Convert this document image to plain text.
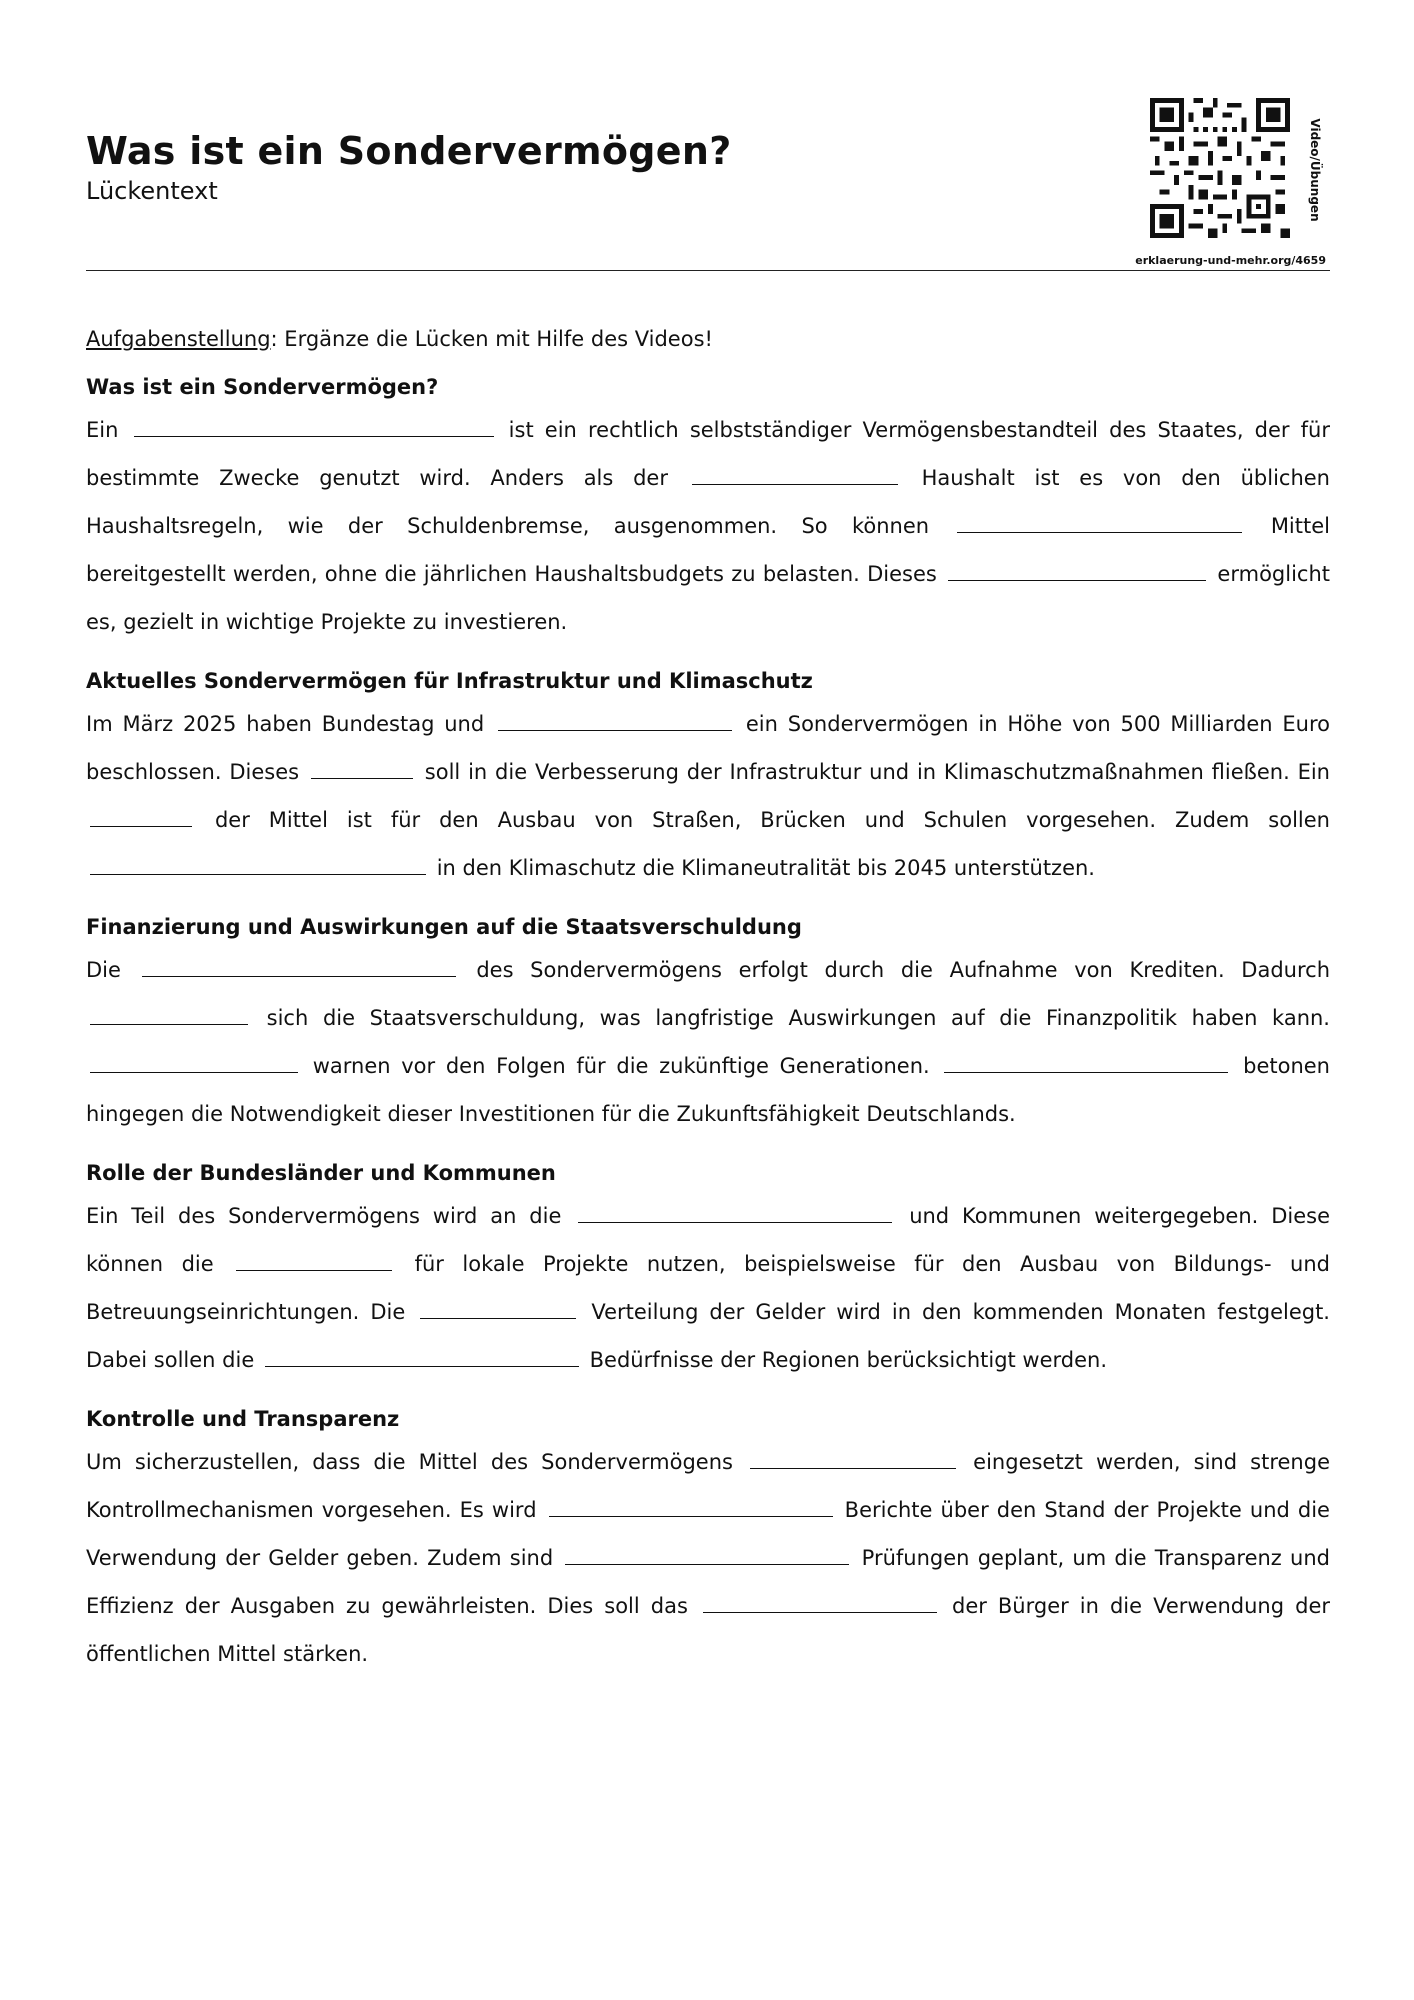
Was ist ein Sondervermögen?
Lückentext	Video/Übungen
erklaerung-und-mehr.org/4659
Aufgabenstellung: Ergänze die Lücken mit Hilfe des Videos!
Was ist ein Sondervermögen?

Ein	ist ein rechtlich selbstständiger Vermögensbestandteil des Staates, der für bestimmte Zwecke genutzt wird. Anders als der	Haushalt ist es von den üblichen Haushaltsregeln, wie der Schuldenbremse, ausgenommen. So können	Mittel bereitgestellt werden, ohne die jährlichen Haushaltsbudgets zu belasten. Dieses	ermöglicht es, gezielt in wichtige Projekte zu investieren.

Aktuelles Sondervermögen für Infrastruktur und Klimaschutz

Im März 2025 haben Bundestag und	ein Sondervermögen in Höhe von 500 Milliarden Euro beschlossen. Dieses	soll in die Verbesserung der Infrastruktur und in Klimaschutzmaßnahmen fließen. Ein  der Mittel ist für den Ausbau von Straßen, Brücken und Schulen vorgesehen. Zudem sollen  in den Klimaschutz die Klimaneutralität bis 2045 unterstützen.

Finanzierung und Auswirkungen auf die Staatsverschuldung

Die	des Sondervermögens erfolgt durch die Aufnahme von Krediten. Dadurch  sich die Staatsverschuldung, was langfristige Auswirkungen auf die Finanzpolitik haben kann.  warnen vor den Folgen für die zukünftige Generationen.	betonen hingegen die Notwendigkeit dieser Investitionen für die Zukunftsfähigkeit Deutschlands.

Rolle der Bundesländer und Kommunen

Ein Teil des Sondervermögens wird an die	und Kommunen weitergegeben. Diese können die	für lokale Projekte nutzen, beispielsweise für den Ausbau von Bildungs- und Betreuungseinrichtungen. Die	Verteilung der Gelder wird in den kommenden Monaten festgelegt. Dabei sollen die	Bedürfnisse der Regionen berücksichtigt werden.

Kontrolle und Transparenz

Um sicherzustellen, dass die Mittel des Sondervermögens	eingesetzt werden, sind strenge Kontrollmechanismen vorgesehen. Es wird	Berichte über den Stand der Projekte und die Verwendung der Gelder geben. Zudem sind	Prüfungen geplant, um die Transparenz und Effizienz der Ausgaben zu gewährleisten. Dies soll das	der Bürger in die Verwendung der öffentlichen Mittel stärken.
